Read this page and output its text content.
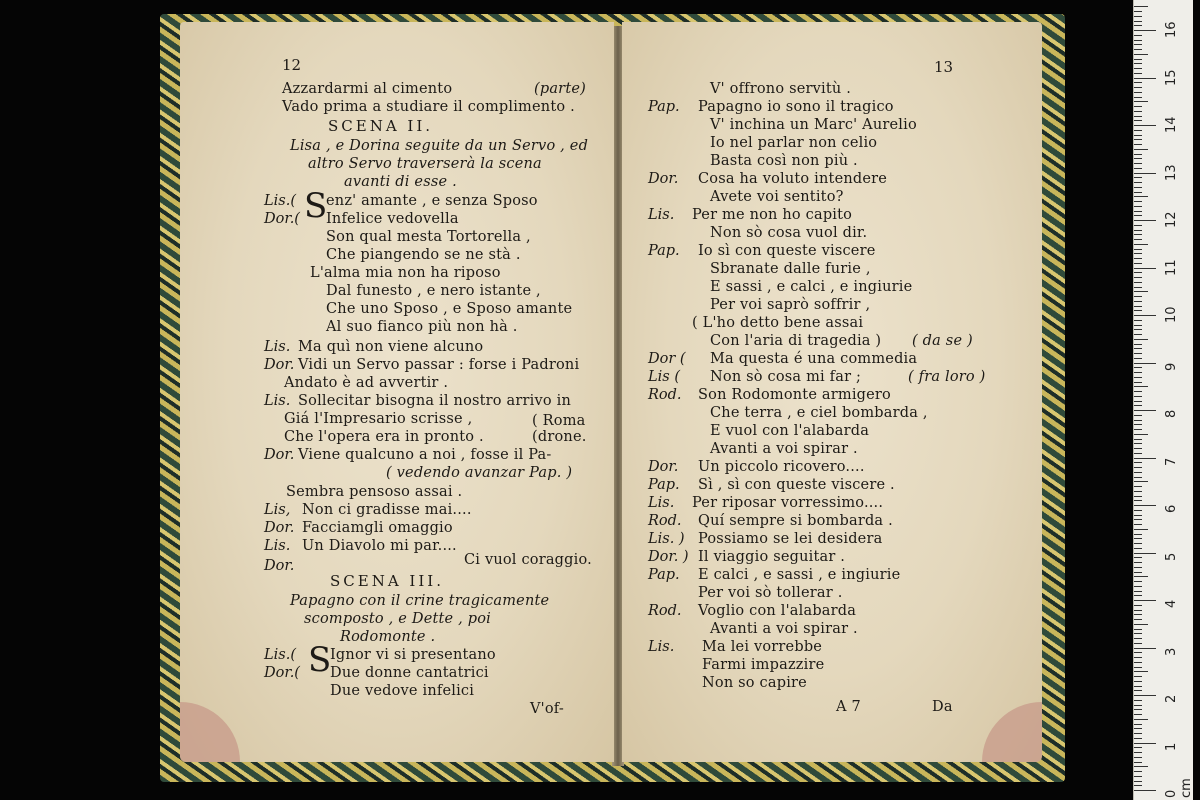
12
Azzardarmi al cimento	(parte)
Vado prima a studiare il complimento .
SCENA II.
Lisa , e Dorina seguite da un Servo , ed
altro Servo traverserà la scena
avanti di esse .
Lis.( S
enz' amante , e senza Sposo
Dor.( Infelice vedovella
Son qual mesta Tortorella ,
Che piangendo se ne stà .
L'alma mia non ha riposo
Dal funesto , e nero istante ,
Che uno Sposo , e Sposo amante
Al suo fianco più non hà .
Lis. Ma quì non viene alcuno
Dor. Vidi un Servo passar : forse i Padroni
Andato è ad avvertir .
Lis. Sollecitar bisogna il nostro arrivo in
Giá l'Impresario scrisse ,	( Roma
Che l'opera era in pronto .	(drone.
Dor. Viene qualcuno a noi , fosse il Pa-
( vedendo avanzar Pap. )
Sembra pensoso assai .
Lis, Non ci gradisse mai....
Dor. Facciamgli omaggio
Lis. Un Diavolo mi par....
Dor.	Ci vuol coraggio.
SCENA III.
Papagno con il crine tragicamente
scomposto , e Dette , poi
Rodomonte .
Lis.( S
Ignor vi si presentano
Dor.( Due donne cantatrici
Due vedove infelici
V'of-
13
V' offrono servitù .
Pap. Papagno io sono il tragico
V' inchina un Marc' Aurelio
Io nel parlar non celio
Basta così non più .
Dor. Cosa ha voluto intendere
Avete voi sentito?
Lis. Per me non ho capito
Non sò cosa vuol dir.
Pap. Io sì con queste viscere
Sbranate dalle furie ,
E sassi , e calci , e ingiurie
Per voi saprò soffrir ,
( L'ho detto bene assai
Con l'aria di tragedia ) ( da se )
Dor ( Ma questa é una commedia
Lis ( Non sò cosa mi far ;	( fra loro )
Rod. Son Rodomonte armigero
Che terra , e ciel bombarda ,
E vuol con l'alabarda
Avanti a voi spirar .
Dor. Un piccolo ricovero....
Pap. Sì , sì con queste viscere .
Lis. Per riposar vorressimo....
Rod. Quí sempre si bombarda .
Lis. ) Possiamo se lei desidera
Dor. ) Il viaggio seguitar .
Pap. E calci , e sassi , e ingiurie
Per voi sò tollerar .
Rod. Voglio con l'alabarda
Avanti a voi spirar .
Lis. Ma lei vorrebbe
Farmi impazzire
Non so capire
A 7	Da
0 cm
1
2
3
4
5
6
7
8
9
10
11
12
13
14
15
16
